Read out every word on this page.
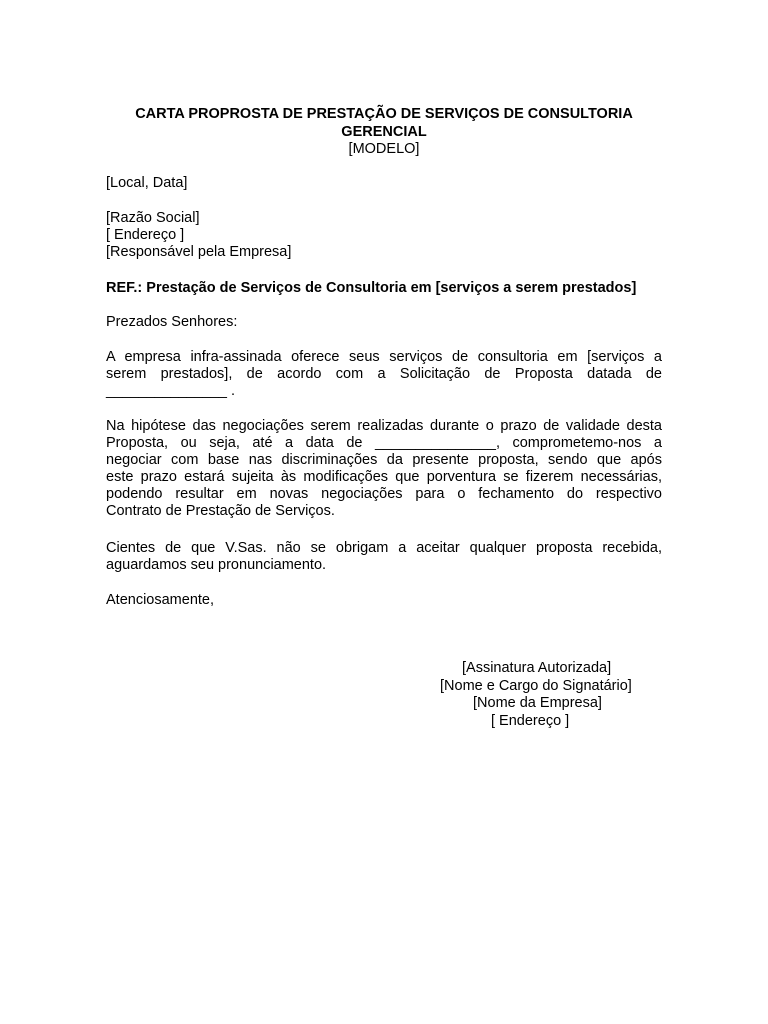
CARTA PROPROSTA DE PRESTAÇÃO DE SERVIÇOS DE CONSULTORIA
GERENCIAL
[MODELO]
[Local, Data]
[Razão Social]
[ Endereço ]
[Responsável pela Empresa]
REF.: Prestação de Serviços de Consultoria em [serviços a serem prestados]
Prezados Senhores:
A empresa infra-assinada oferece seus serviços de consultoria em [serviços a
serem prestados], de acordo com a Solicitação de Proposta datada de
_______________ .
Na hipótese das negociações serem realizadas durante o prazo de validade desta
Proposta, ou seja, até a data de _______________, comprometemo-nos a
negociar com base nas discriminações da presente proposta, sendo que após
este prazo estará sujeita às modificações que porventura se fizerem necessárias,
podendo resultar em novas negociações para o fechamento do respectivo
Contrato de Prestação de Serviços.
Cientes de que V.Sas. não se obrigam a aceitar qualquer proposta recebida,
aguardamos seu pronunciamento.
Atenciosamente,
[Assinatura Autorizada]
[Nome e Cargo do Signatário]
[Nome da Empresa]
[ Endereço ]
